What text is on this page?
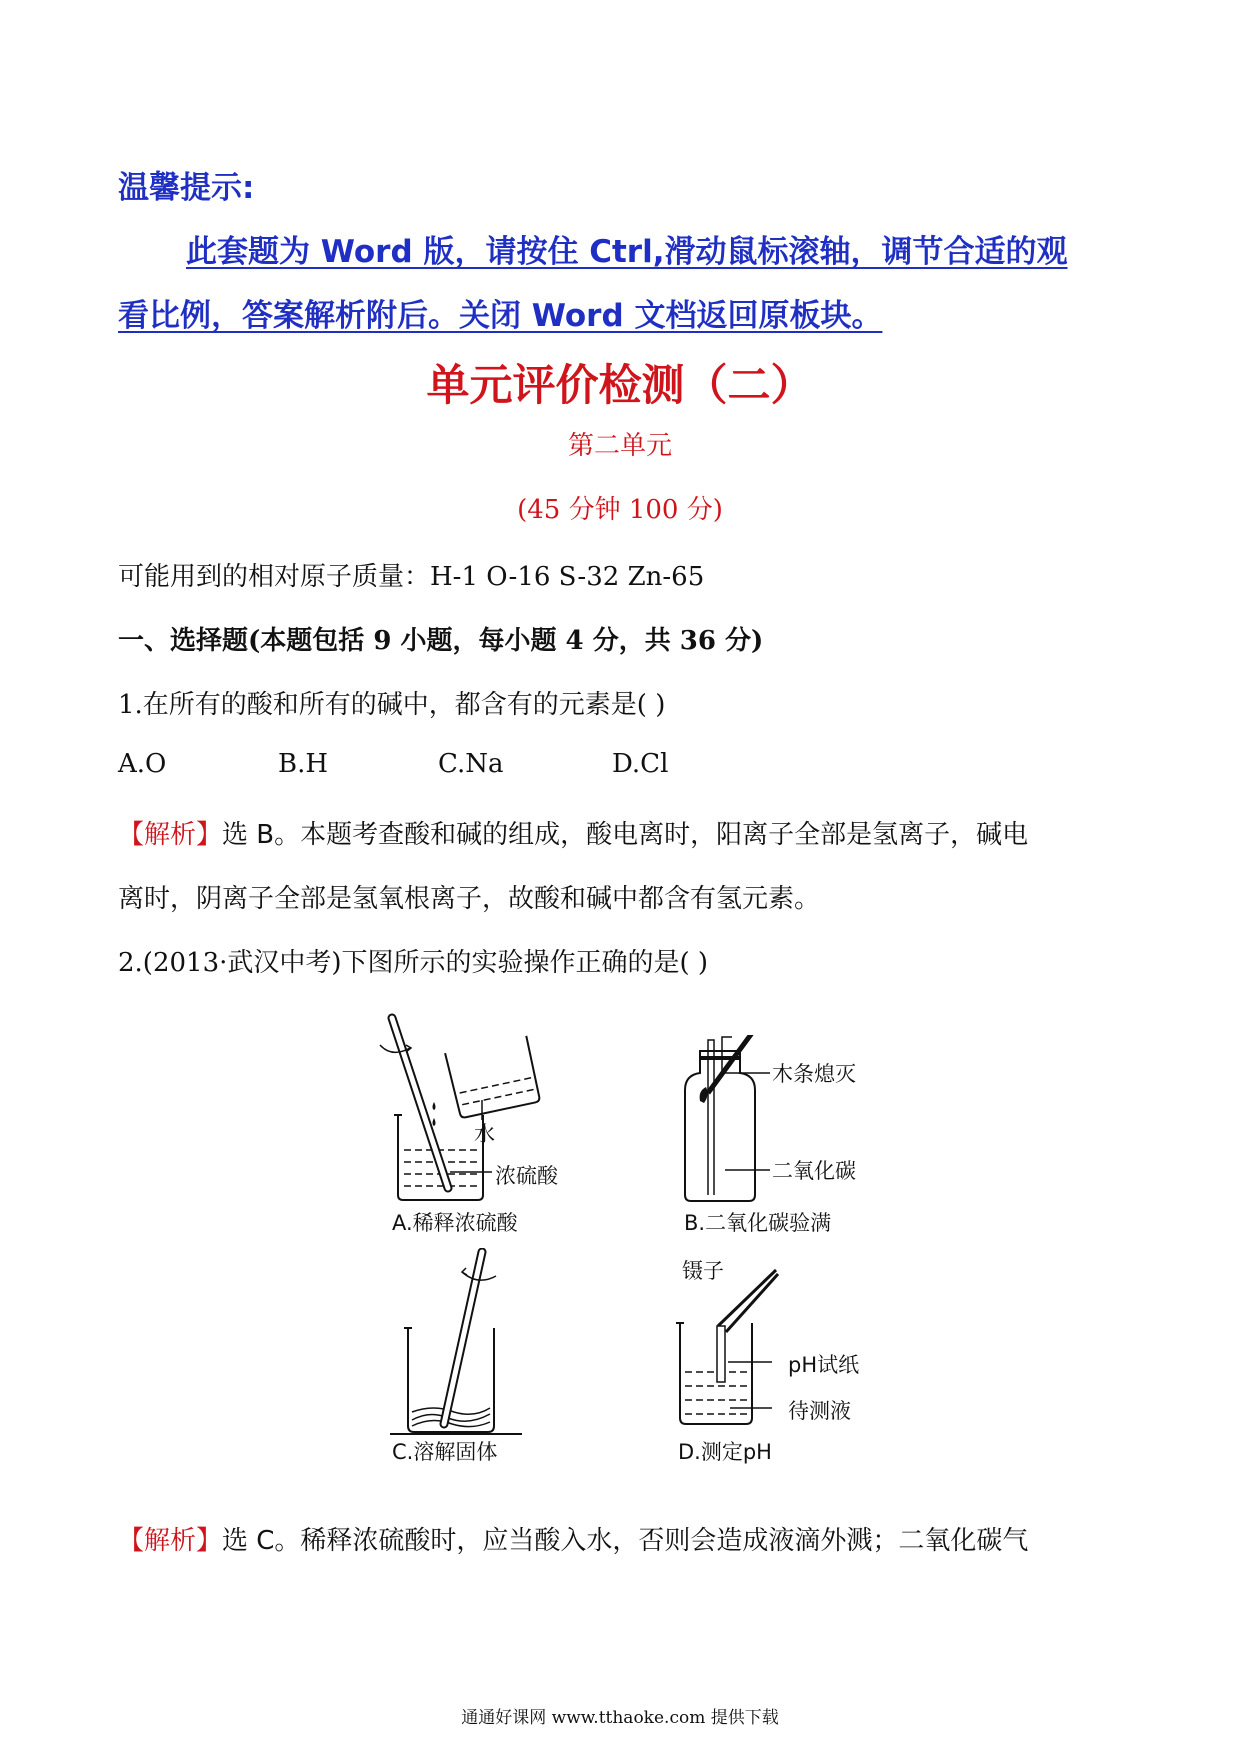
温馨提示:
此套题为 Word 版，请按住 Ctrl,滑动鼠标滚轴，调节合适的观
看比例，答案解析附后。关闭 Word 文档返回原板块。
单元评价检测（二）
第二单元
(45 分钟 100 分)
可能用到的相对原子质量：H-1 O-16 S-32 Zn-65
一、选择题(本题包括 9 小题，每小题 4 分，共 36 分)
1.在所有的酸和所有的碱中，都含有的元素是( )
A.O	B.H	C.Na	D.Cl
【解析】选 B。本题考查酸和碱的组成，酸电离时，阳离子全部是氢离子，碱电
离时，阴离子全部是氢氧根离子，故酸和碱中都含有氢元素。
2.(2013·武汉中考)下图所示的实验操作正确的是( )
水
浓硫酸
A.稀释浓硫酸
木条熄灭
二氧化碳
B.二氧化碳验满
C.溶解固体
镊子
pH试纸
待测液
D.测定pH
【解析】选 C。稀释浓硫酸时，应当酸入水，否则会造成液滴外溅；二氧化碳气
通通好课网 www.tthaoke.com 提供下载
